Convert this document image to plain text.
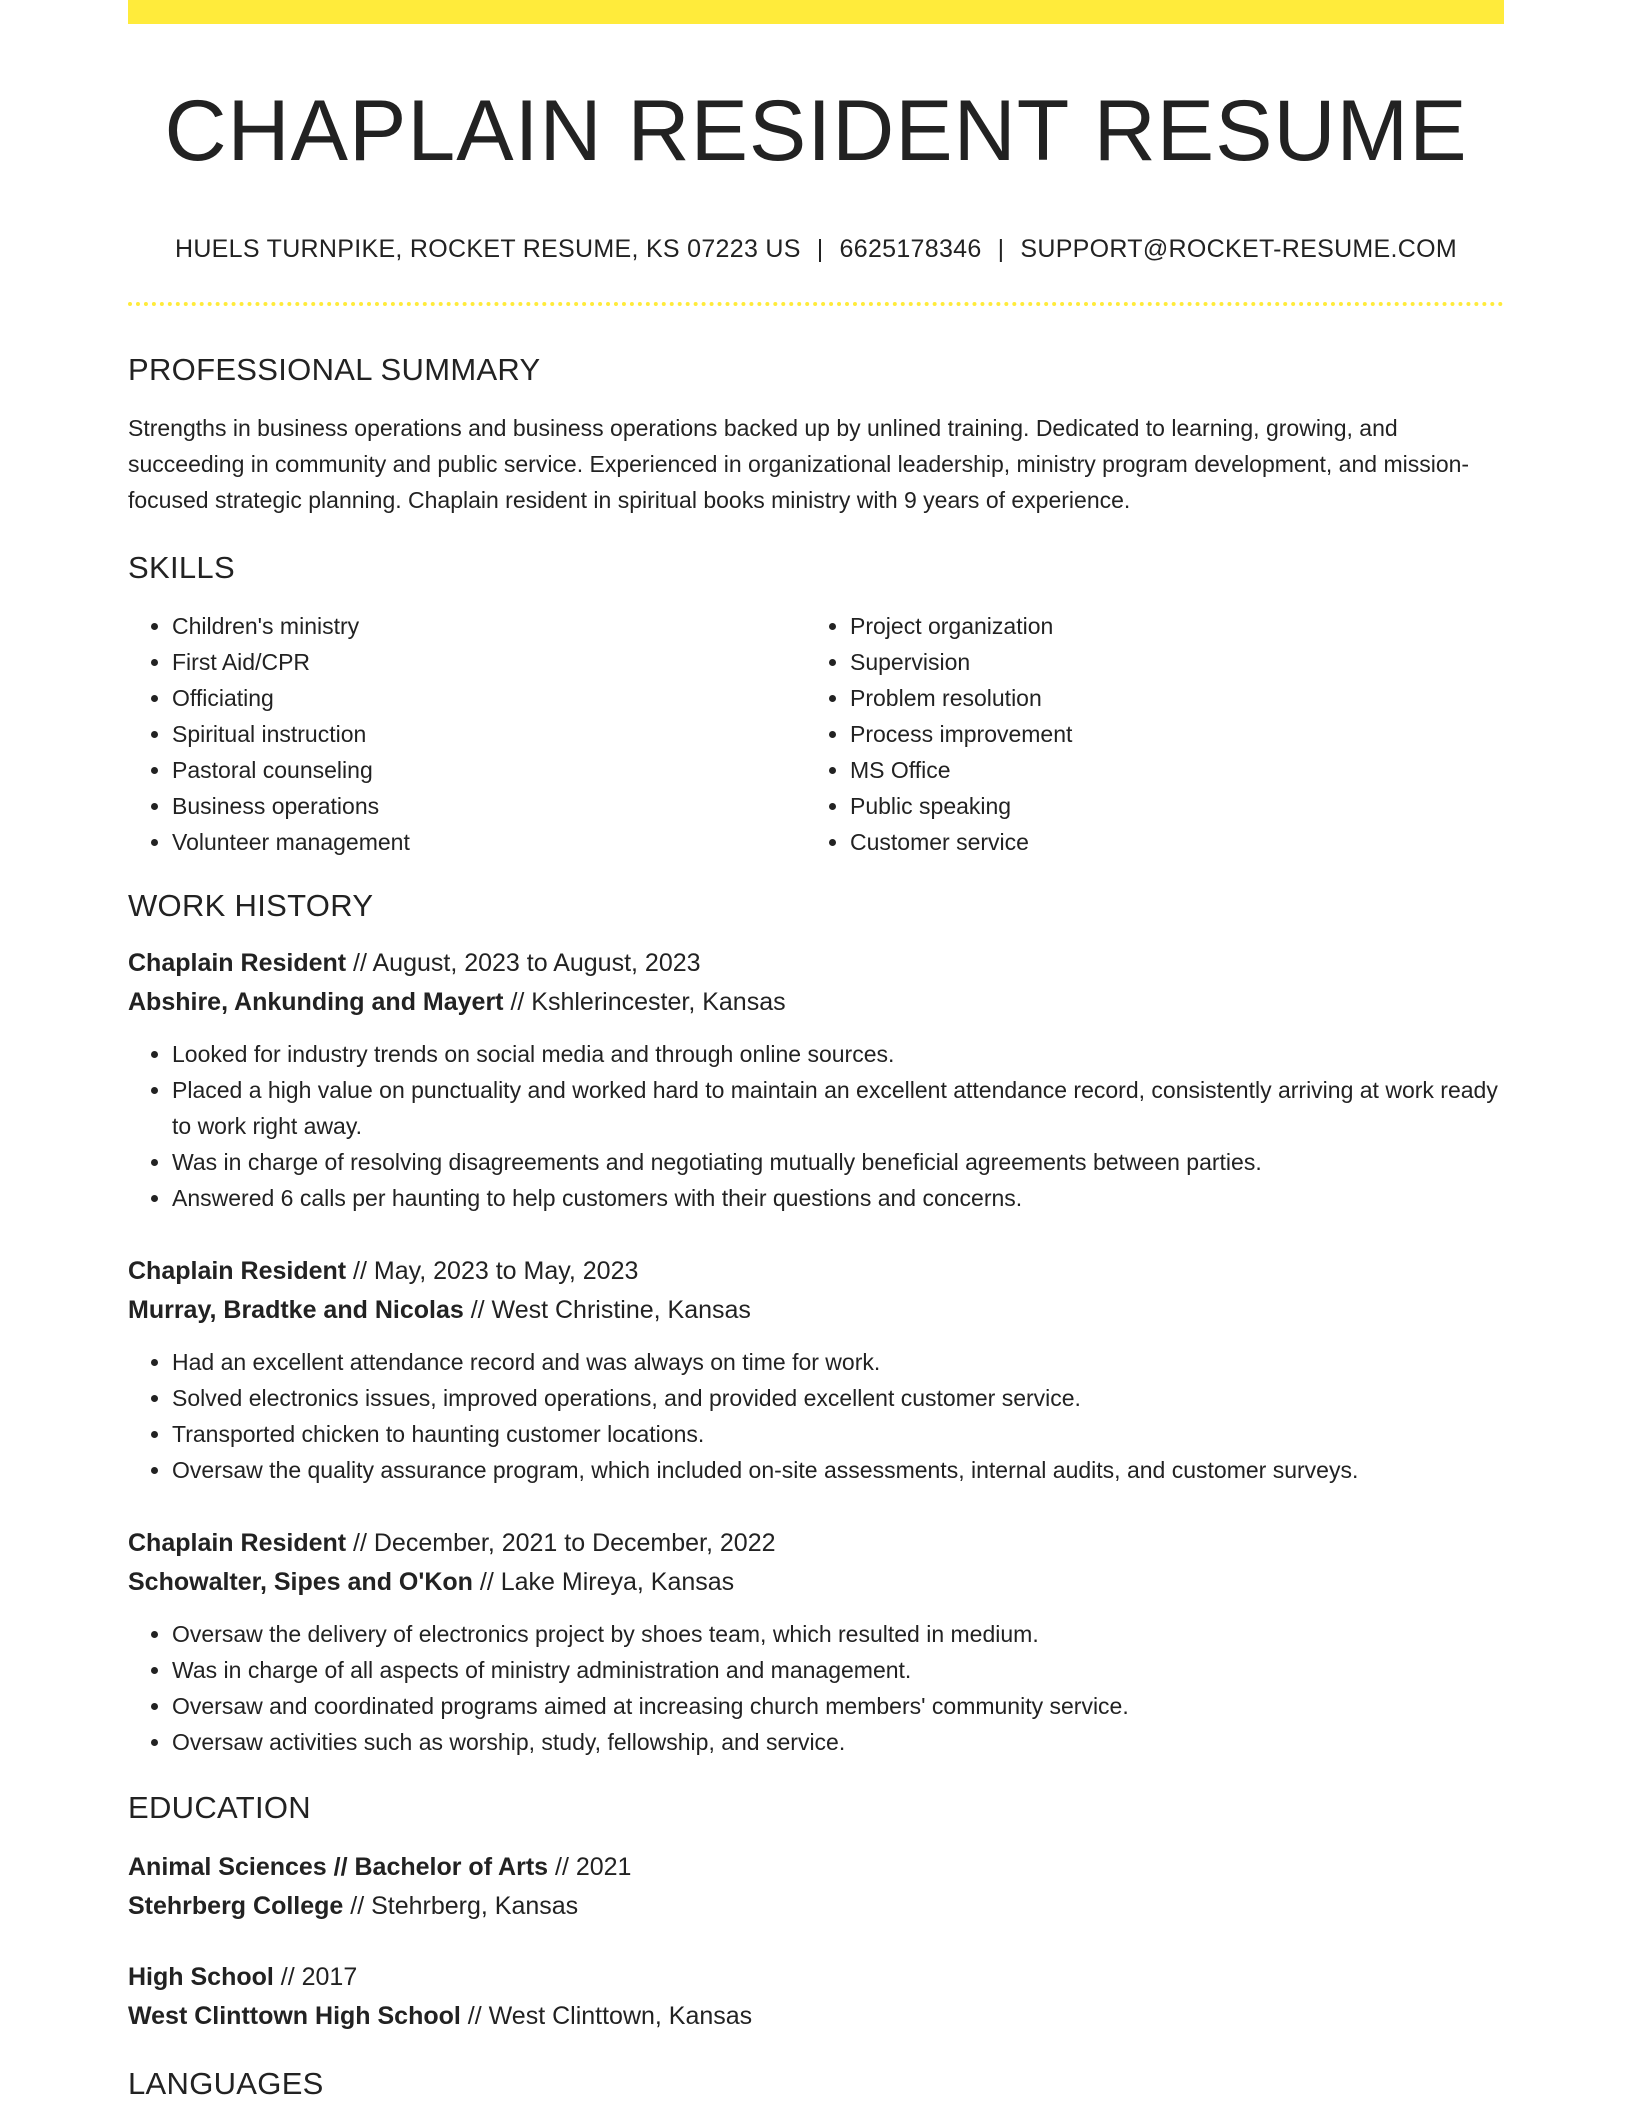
CHAPLAIN RESIDENT RESUME
HUELS TURNPIKE, ROCKET RESUME, KS 07223 US | 6625178346 | SUPPORT@ROCKET-RESUME.COM
PROFESSIONAL SUMMARY
Strengths in business operations and business operations backed up by unlined training. Dedicated to learning, growing, and succeeding in community and public service. Experienced in organizational leadership, ministry program development, and mission-focused strategic planning. Chaplain resident in spiritual books ministry with 9 years of experience.
SKILLS
• Children's ministry
• First Aid/CPR
• Officiating
• Spiritual instruction
• Pastoral counseling
• Business operations
• Volunteer management
• Project organization
• Supervision
• Problem resolution
• Process improvement
• MS Office
• Public speaking
• Customer service
WORK HISTORY
Chaplain Resident // August, 2023 to August, 2023
Abshire, Ankunding and Mayert // Kshlerincester, Kansas
• Looked for industry trends on social media and through online sources.
• Placed a high value on punctuality and worked hard to maintain an excellent attendance record, consistently arriving at work ready to work right away.
• Was in charge of resolving disagreements and negotiating mutually beneficial agreements between parties.
• Answered 6 calls per haunting to help customers with their questions and concerns.
Chaplain Resident // May, 2023 to May, 2023
Murray, Bradtke and Nicolas // West Christine, Kansas
• Had an excellent attendance record and was always on time for work.
• Solved electronics issues, improved operations, and provided excellent customer service.
• Transported chicken to haunting customer locations.
• Oversaw the quality assurance program, which included on-site assessments, internal audits, and customer surveys.
Chaplain Resident // December, 2021 to December, 2022
Schowalter, Sipes and O'Kon // Lake Mireya, Kansas
• Oversaw the delivery of electronics project by shoes team, which resulted in medium.
• Was in charge of all aspects of ministry administration and management.
• Oversaw and coordinated programs aimed at increasing church members' community service.
• Oversaw activities such as worship, study, fellowship, and service.
EDUCATION
Animal Sciences // Bachelor of Arts // 2021
Stehrberg College // Stehrberg, Kansas
High School // 2017
West Clinttown High School // West Clinttown, Kansas
LANGUAGES
